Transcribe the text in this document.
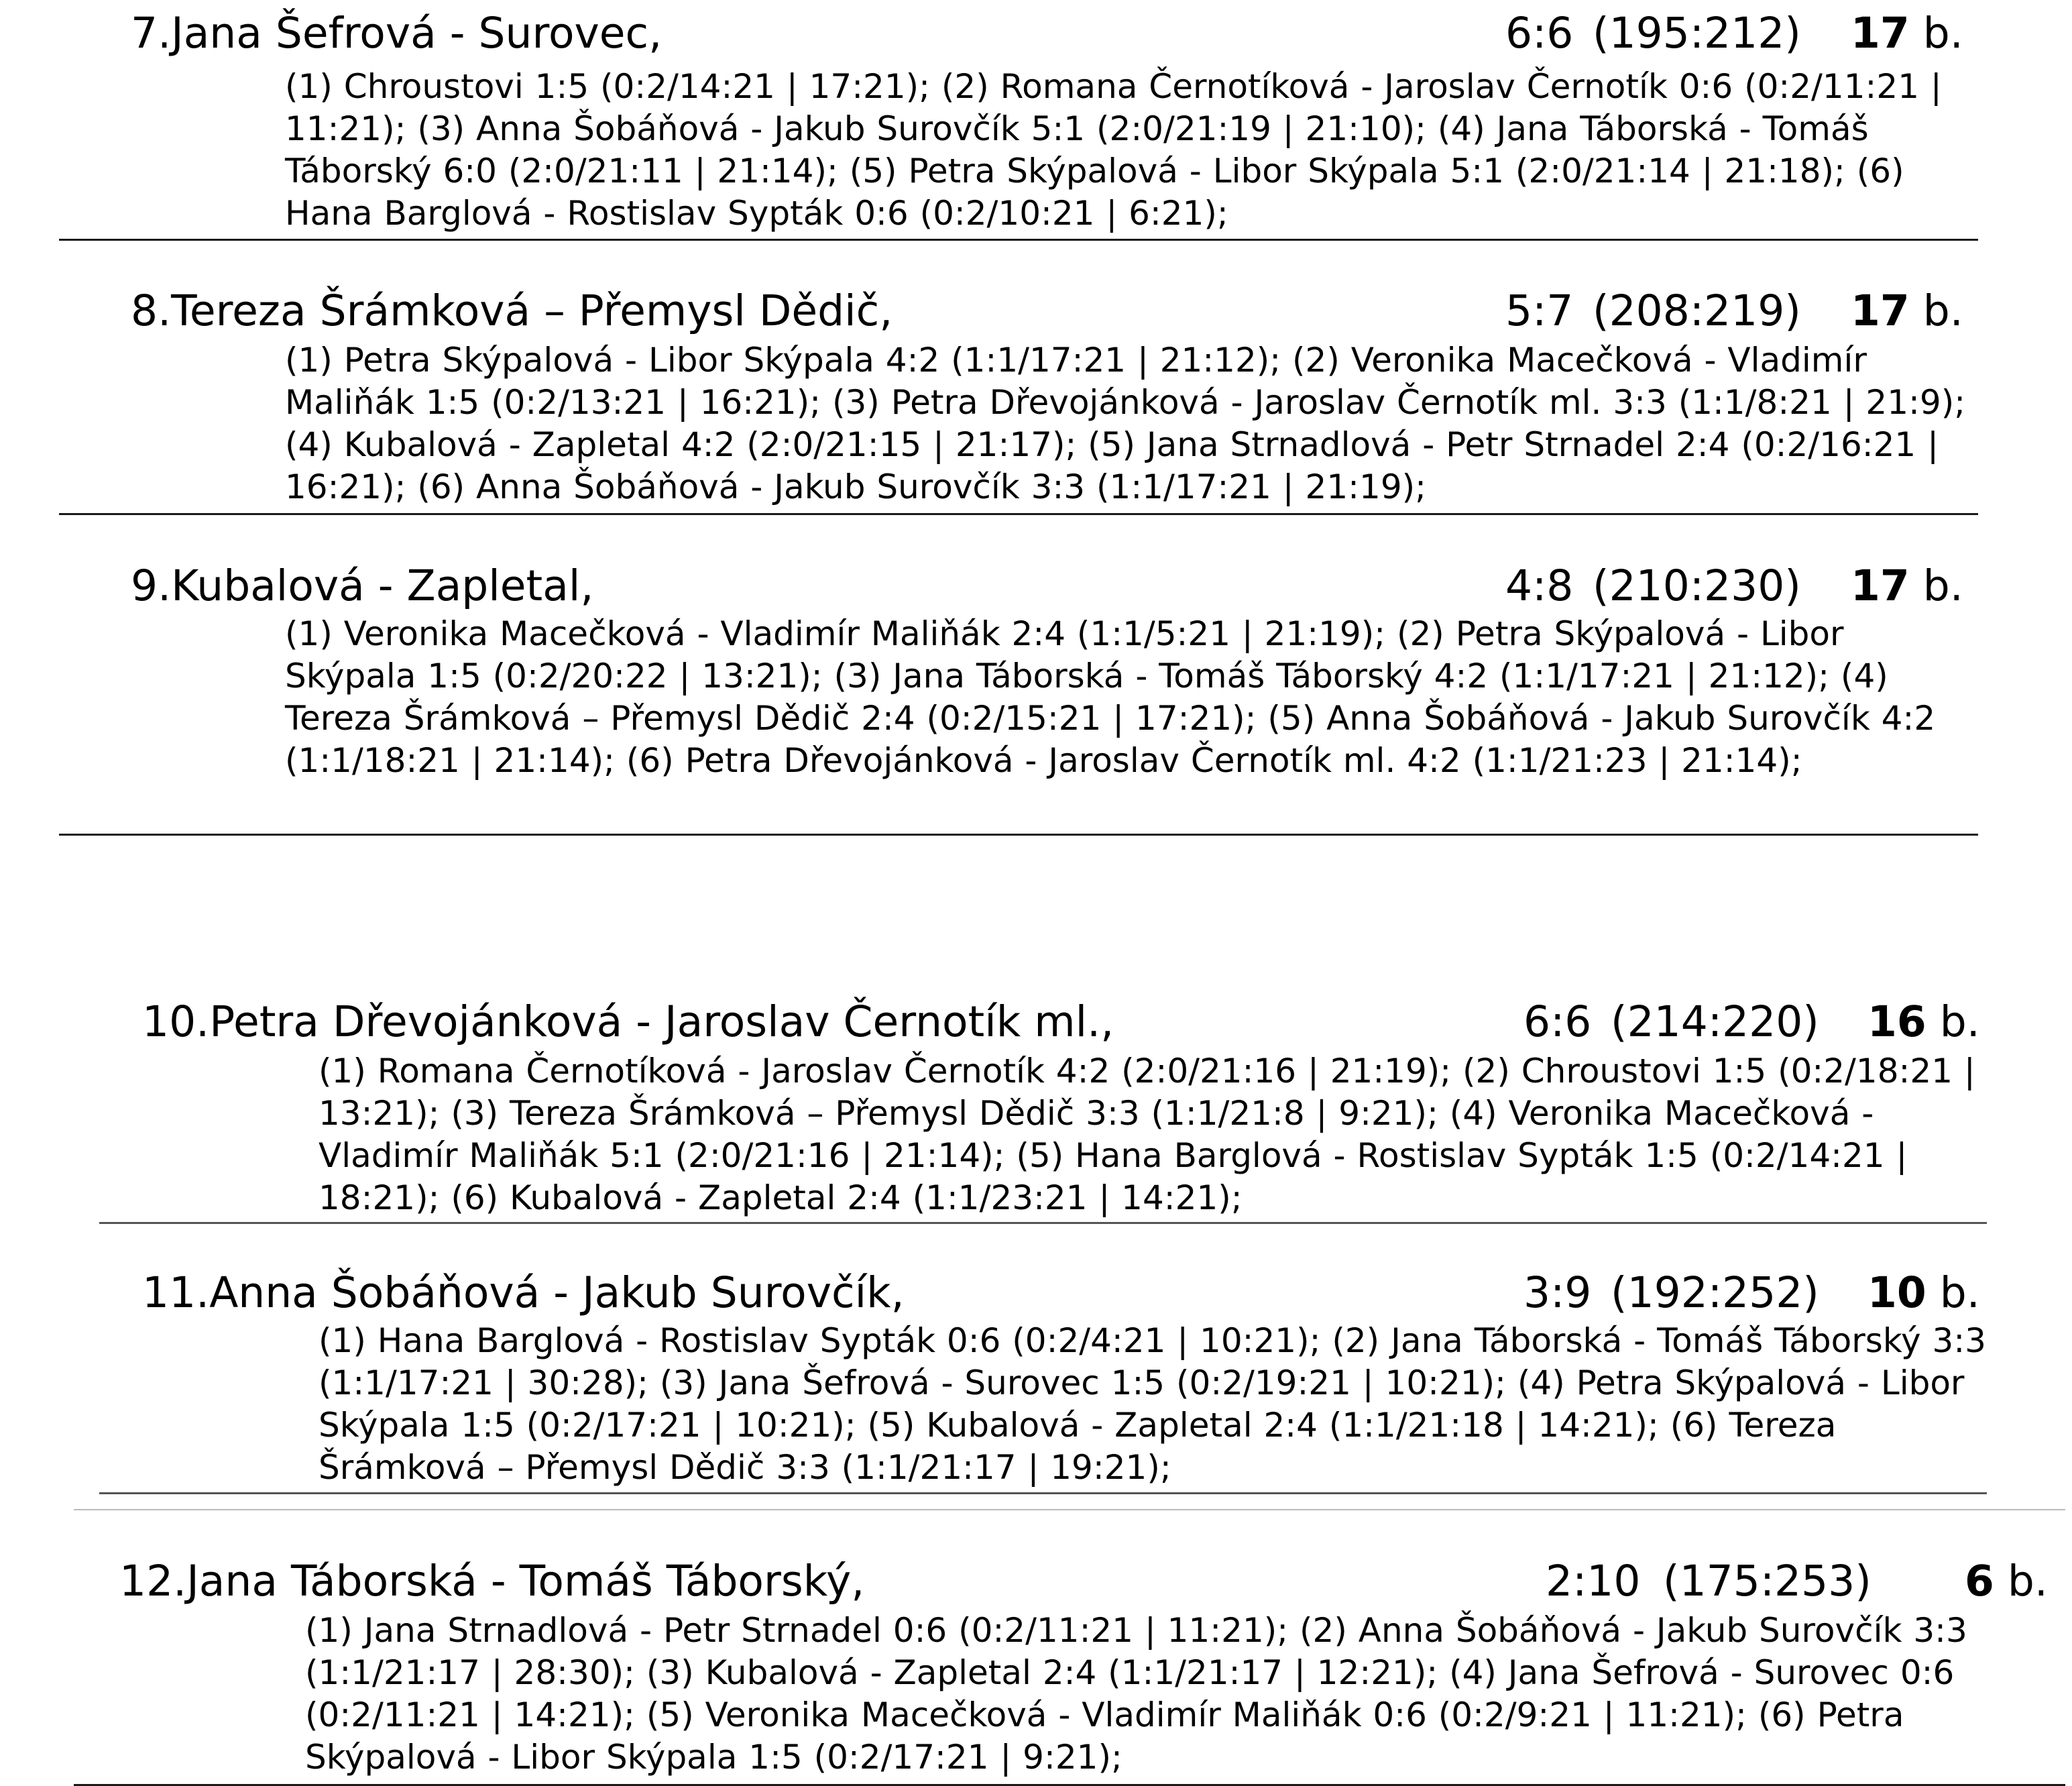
7.Jana Šefrová - Surovec,	6:6 (195:212) 17 b.
(1) Chroustovi 1:5 (0:2/14:21 | 17:21); (2) Romana Černotíková - Jaroslav Černotík 0:6 (0:2/11:21 | 11:21); (3) Anna Šobáňová - Jakub Surovčík 5:1 (2:0/21:19 | 21:10); (4) Jana Táborská - Tomáš Táborský 6:0 (2:0/21:11 | 21:14); (5) Petra Skýpalová - Libor Skýpala 5:1 (2:0/21:14 | 21:18); (6) Hana Barglová - Rostislav Sypták 0:6 (0:2/10:21 | 6:21);
8.Tereza Šrámková – Přemysl Dědič,	5:7 (208:219) 17 b.
(1) Petra Skýpalová - Libor Skýpala 4:2 (1:1/17:21 | 21:12); (2) Veronika Macečková - Vladimír Maliňák 1:5 (0:2/13:21 | 16:21); (3) Petra Dřevojánková - Jaroslav Černotík ml. 3:3 (1:1/8:21 | 21:9); (4) Kubalová - Zapletal 4:2 (2:0/21:15 | 21:17); (5) Jana Strnadlová - Petr Strnadel 2:4 (0:2/16:21 | 16:21); (6) Anna Šobáňová - Jakub Surovčík 3:3 (1:1/17:21 | 21:19);
9.Kubalová - Zapletal,	4:8 (210:230) 17 b.
(1) Veronika Macečková - Vladimír Maliňák 2:4 (1:1/5:21 | 21:19); (2) Petra Skýpalová - Libor Skýpala 1:5 (0:2/20:22 | 13:21); (3) Jana Táborská - Tomáš Táborský 4:2 (1:1/17:21 | 21:12); (4) Tereza Šrámková – Přemysl Dědič 2:4 (0:2/15:21 | 17:21); (5) Anna Šobáňová - Jakub Surovčík 4:2 (1:1/18:21 | 21:14); (6) Petra Dřevojánková - Jaroslav Černotík ml. 4:2 (1:1/21:23 | 21:14);
10.Petra Dřevojánková - Jaroslav Černotík ml.,	6:6 (214:220) 16 b.
(1) Romana Černotíková - Jaroslav Černotík 4:2 (2:0/21:16 | 21:19); (2) Chroustovi 1:5 (0:2/18:21 | 13:21); (3) Tereza Šrámková – Přemysl Dědič 3:3 (1:1/21:8 | 9:21); (4) Veronika Macečková - Vladimír Maliňák 5:1 (2:0/21:16 | 21:14); (5) Hana Barglová - Rostislav Sypták 1:5 (0:2/14:21 | 18:21); (6) Kubalová - Zapletal 2:4 (1:1/23:21 | 14:21);
11.Anna Šobáňová - Jakub Surovčík,	3:9 (192:252) 10 b.
(1) Hana Barglová - Rostislav Sypták 0:6 (0:2/4:21 | 10:21); (2) Jana Táborská - Tomáš Táborský 3:3 (1:1/17:21 | 30:28); (3) Jana Šefrová - Surovec 1:5 (0:2/19:21 | 10:21); (4) Petra Skýpalová - Libor Skýpala 1:5 (0:2/17:21 | 10:21); (5) Kubalová - Zapletal 2:4 (1:1/21:18 | 14:21); (6) Tereza Šrámková – Přemysl Dědič 3:3 (1:1/21:17 | 19:21);
12.Jana Táborská - Tomáš Táborský,	2:10 (175:253) 6 b.
(1) Jana Strnadlová - Petr Strnadel 0:6 (0:2/11:21 | 11:21); (2) Anna Šobáňová - Jakub Surovčík 3:3 (1:1/21:17 | 28:30); (3) Kubalová - Zapletal 2:4 (1:1/21:17 | 12:21); (4) Jana Šefrová - Surovec 0:6 (0:2/11:21 | 14:21); (5) Veronika Macečková - Vladimír Maliňák 0:6 (0:2/9:21 | 11:21); (6) Petra Skýpalová - Libor Skýpala 1:5 (0:2/17:21 | 9:21);
